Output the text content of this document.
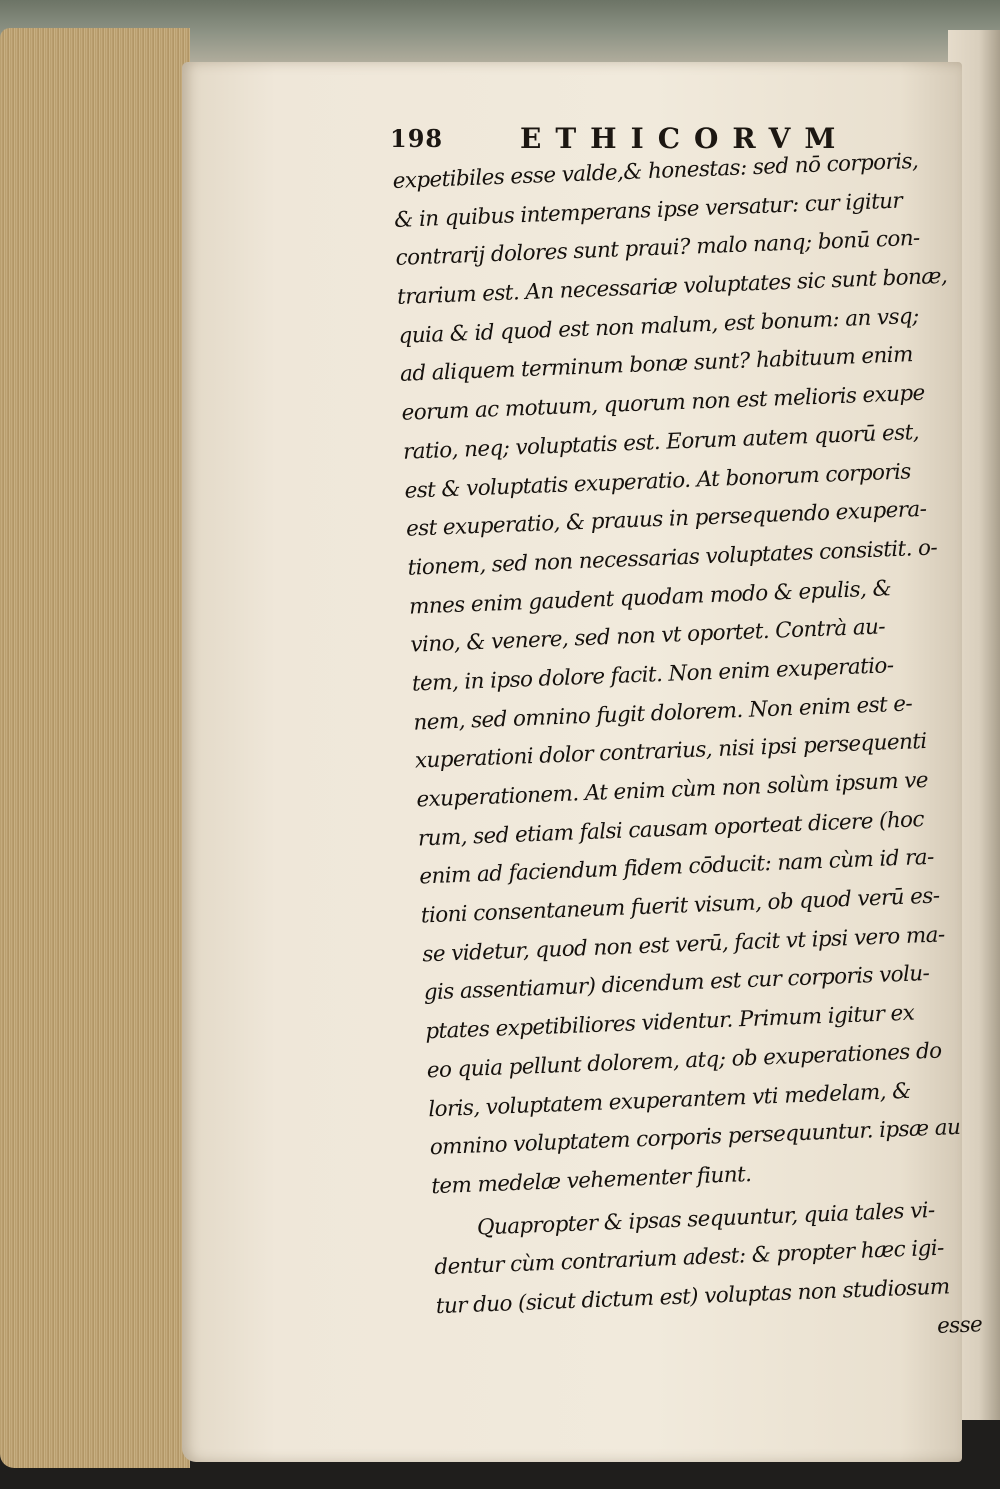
198	ETHICORVM
expetibiles esse valde,& honestas: sed nō corporis,
& in quibus intemperans ipse versatur: cur igitur
contrarij dolores sunt praui? malo nanq; bonū con-
trarium est. An necessariæ voluptates sic sunt bonæ,
quia & id quod est non malum, est bonum: an vsq;
ad aliquem terminum bonæ sunt? habituum enim
eorum ac motuum, quorum non est melioris exupe
ratio, neq; voluptatis est. Eorum autem quorū est,
est & voluptatis exuperatio. At bonorum corporis
est exuperatio, & prauus in persequendo exupera-
tionem, sed non necessarias voluptates consistit. o-
mnes enim gaudent quodam modo & epulis, &
vino, & venere, sed non vt oportet. Contrà au-
tem, in ipso dolore facit. Non enim exuperatio-
nem, sed omnino fugit dolorem. Non enim est e-
xuperationi dolor contrarius, nisi ipsi persequenti
exuperationem. At enim cùm non solùm ipsum ve
rum, sed etiam falsi causam oporteat dicere (hoc
enim ad faciendum fidem cōducit: nam cùm id ra-
tioni consentaneum fuerit visum, ob quod verū es-
se videtur, quod non est verū, facit vt ipsi vero ma-
gis assentiamur) dicendum est cur corporis volu-
ptates expetibiliores videntur. Primum igitur ex
eo quia pellunt dolorem, atq; ob exuperationes do
loris, voluptatem exuperantem vti medelam, &
omnino voluptatem corporis persequuntur. ipsæ au
tem medelæ vehementer fiunt.
Quapropter & ipsas sequuntur, quia tales vi-
dentur cùm contrarium adest: & propter hæc igi-
tur duo (sicut dictum est) voluptas non studiosum
esse
